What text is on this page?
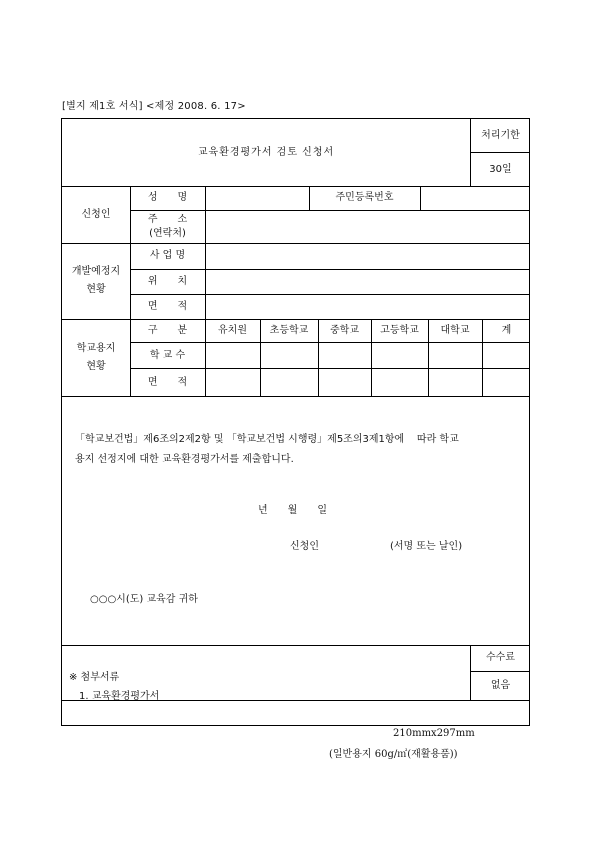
[별지 제1호 서식] <제정 2008. 6. 17>
교육환경평가서 검토 신청서
처리기한
30일
신청인
성　　명	주민등록번호
주　　소
(연락처)
개발예정지
현황
사 업 명
위　　치
면　　적
학교용지
현황
구　　분	유치원	초등학교	중학교	고등학교	대학교	계
학 교 수
면　　적
「학교보건법」제6조의2제2항 및 「학교보건법 시행령」제5조의3제1항에    따라 학교
용지 선정지에 대한 교육환경평가서를 제출합니다.
년　　월　　일
신청인	(서명 또는 날인)
○○○시(도) 교육감 귀하
※ 첨부서류
1. 교육환경평가서
수수료
없음
210mmx297mm
(일반용지 60g/㎡(재활용품))
